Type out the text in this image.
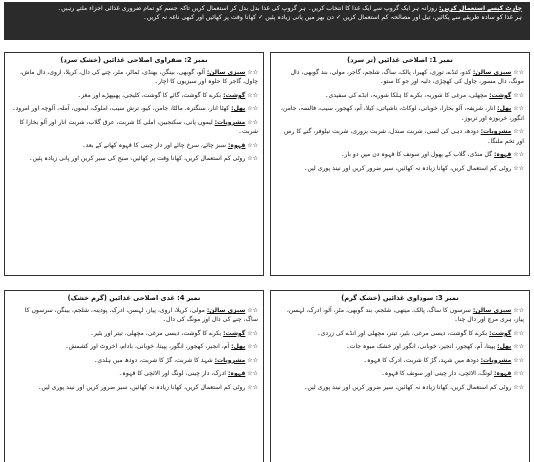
چارٹ کیسے استعمال کریں: روزانہ ہر ایک گروپ سے ایک غذا کا انتخاب کریں۔ ہر گروپ کی غذا بدل بدل کر استعمال کریں تاکہ جسم کو تمام ضروری غذائی اجزاء ملتے رہیں۔
ہر غذا کو سادہ طریقے سے پکائیں، تیل اور مصالحہ کم استعمال کریں ✓ دن بھر میں پانی زیادہ پئیں ✓ کھانا وقت پر کھائیں اور کبھی ناغہ نہ کریں۔
نمبر 1: اصلاحی غذائیں (تر سرد)
☆☆ سبزی سالن: کدو، ٹنڈے، توری، کھیرا، پالک، ساگ، شلجم، گاجر، مولی، بند گوبھی، دال مونگ، دال مسور، چاول کی کھچڑی، دلیہ اور جو کا ستو۔
☆☆ گوشت: مچھلی، مرغی کا شوربہ، بکرے کا ہلکا شوربہ، انڈے کی سفیدی۔
☆☆ پھل: انار، شریفہ، آلو بخارا، خوبانی، لوکاٹ، ناشپاتی، کیلا، آم، کھجور، سیب، فالسہ، جامن، انگور، خربوزہ اور تربوز۔
☆☆ مشروبات: دودھ، دہی کی لسی، شربت صندل، شربت بزوری، شربت نیلوفر، گنے کا رس اور تخم ملنگا۔
☆☆ قہوہ: گل منڈی، گلاب کے پھول اور سونف کا قہوہ دن میں دو بار۔
☆☆ روٹی کم استعمال کریں، کھانا زیادہ نہ کھائیں، سیر ضرور کریں اور نیند پوری لیں۔
نمبر 2: صفراوی اصلاحی غذائیں (خشک سرد)
☆☆ سبزی سالن: آلو، گوبھی، بینگن، بھنڈی، ٹماٹر، مٹر، چنے کی دال، کریلا، اروی، دال ماش، چاول، گاجر کا حلوہ اور سبزیوں کا اچار۔
☆☆ گوشت: بکرے کا گوشت، گائے کا گوشت، کلیجی، پھیپھڑے اور مغز۔
☆☆ پھل: کھٹا انار، سنگترہ، مالٹا، جامن، کیو، ترش سیب، املوک، لیموں، آملہ، آلوچہ اور امرود۔
☆☆ مشروبات: لیموں پانی، سکنجبین، املی کا شربت، عرق گلاب، شربت انار اور آلو بخارا کا شربت۔
☆☆ قہوہ: سبز چائے، سرخ چائے اور دار چینی کا قہوہ کھانے کے بعد۔
☆☆ روٹی کم استعمال کریں، کھانا وقت پر کھائیں، صبح کی سیر کریں اور پانی زیادہ پئیں۔
نمبر 3: سوداوی غذائیں (خشک گرم)
☆☆ سبزی سالن: سرسوں کا ساگ، پالک، میتھی، شلجم، بند گوبھی، مٹر، آلو، ادرک، لہسن، پیاز، ہری مرچ اور دال چنا۔
☆☆ گوشت: بکرے کا گوشت، دیسی مرغی، بٹیر، تیتر، مچھلی اور انڈے کی زردی۔
☆☆ پھل: پپیتا، آم، کھجور، انجیر، خوبانی، انگور اور خشک میوہ جات۔
☆☆ مشروبات: دودھ میں شہد، گڑ کا شربت، ادرک کا قہوہ۔
☆☆ قہوہ: لونگ، الائچی، دار چینی اور سونف کا قہوہ۔
☆☆ روٹی کم استعمال کریں، کھانا زیادہ نہ کھائیں، سیر ضرور کریں اور نیند پوری لیں۔
نمبر 4: غدی اصلاحی غذائیں (گرم خشک)
☆☆ سبزی سالن: مولی، کریلا، اروی، پیاز، لہسن، ادرک، پودینہ، شلجم، بینگن، سرسوں کا ساگ، چنے کی دال اور مونگ کی دال۔
☆☆ گوشت: بکرے کا گوشت، دیسی مرغی، مچھلی، تیتر اور بٹیر۔
☆☆ پھل: آم، انجیر، کھجور، انگور، پپیتا، خوبانی، بادام، اخروٹ اور کشمش۔
☆☆ مشروبات: شہد کا شربت، گڑ کا شربت، دودھ میں ہلدی۔
☆☆ قہوہ: ادرک، دار چینی، لونگ اور الائچی کا قہوہ۔
☆☆ روٹی کم استعمال کریں، کھانا زیادہ نہ کھائیں، سیر ضرور کریں اور نیند پوری لیں۔
